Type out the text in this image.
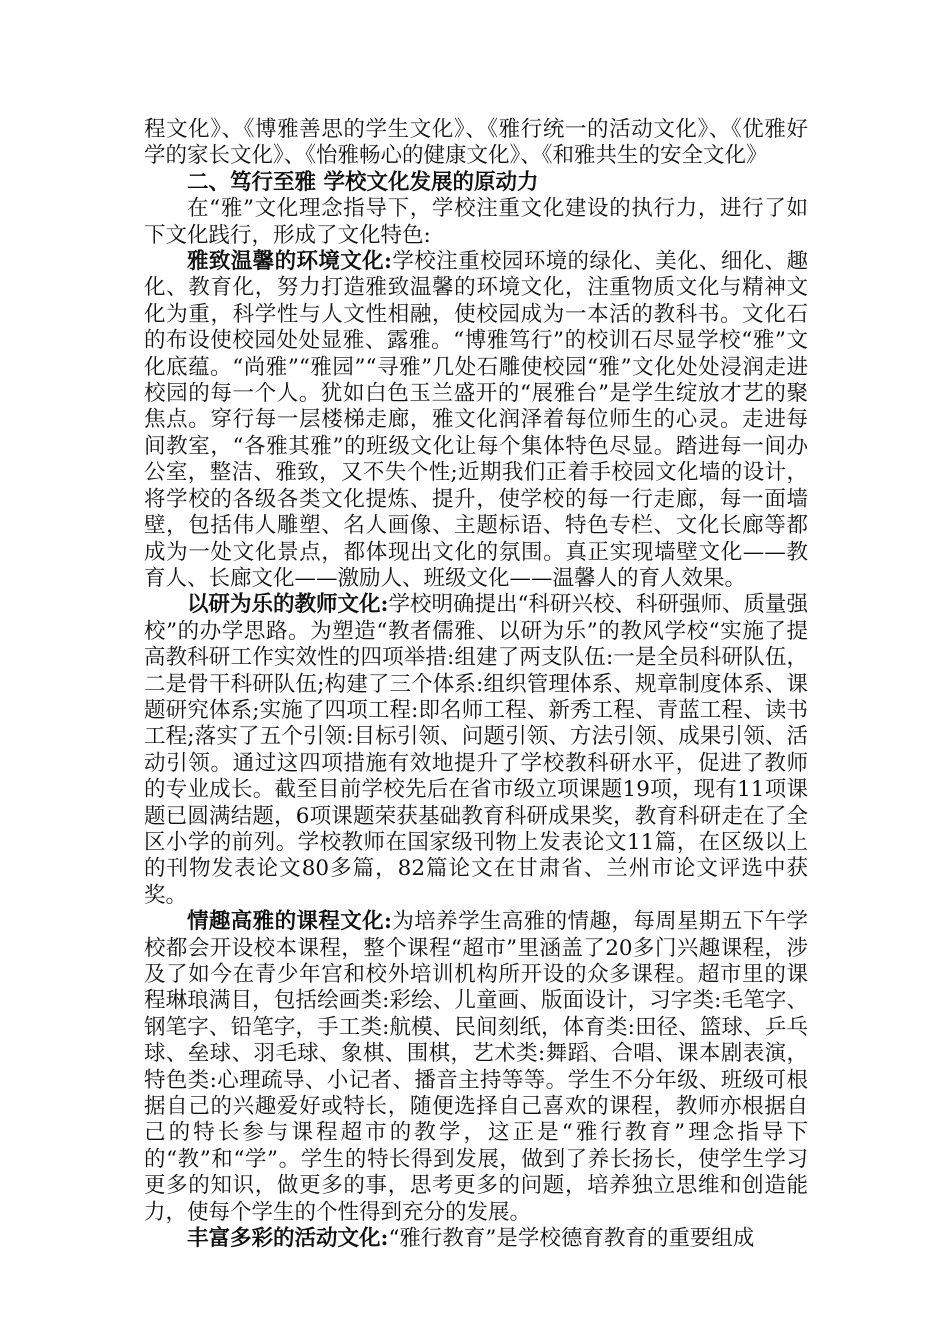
程文化》、《博雅善思的学生文化》、《雅行统一的活动文化》、《优雅好学的家长文化》、《怡雅畅心的健康文化》、《和雅共生的安全文化》

二、笃行至雅 学校文化发展的原动力

在“雅”文化理念指导下，学校注重文化建设的执行力，进行了如下文化践行，形成了文化特色:

雅致温馨的环境文化:学校注重校园环境的绿化、美化、细化、趣化、教育化，努力打造雅致温馨的环境文化，注重物质文化与精神文化为重，科学性与人文性相融，使校园成为一本活的教科书。文化石的布设使校园处处显雅、露雅。“博雅笃行”的校训石尽显学校“雅”文化底蕴。“尚雅”“雅园”“寻雅”几处石雕使校园“雅”文化处处浸润走进校园的每一个人。犹如白色玉兰盛开的“展雅台”是学生绽放才艺的聚焦点。穿行每一层楼梯走廊，雅文化润泽着每位师生的心灵。走进每间教室，“各雅其雅”的班级文化让每个集体特色尽显。踏进每一间办公室，整洁、雅致，又不失个性;近期我们正着手校园文化墙的设计，将学校的各级各类文化提炼、提升，使学校的每一行走廊，每一面墙壁，包括伟人雕塑、名人画像、主题标语、特色专栏、文化长廊等都成为一处文化景点，都体现出文化的氛围。真正实现墙壁文化——教育人、长廊文化——激励人、班级文化——温馨人的育人效果。

以研为乐的教师文化:学校明确提出“科研兴校、科研强师、质量强校”的办学思路。为塑造“教者儒雅、以研为乐”的教风学校“实施了提高教科研工作实效性的四项举措:组建了两支队伍:一是全员科研队伍，二是骨干科研队伍;构建了三个体系:组织管理体系、规章制度体系、课题研究体系;实施了四项工程:即名师工程、新秀工程、青蓝工程、读书工程;落实了五个引领:目标引领、问题引领、方法引领、成果引领、活动引领。通过这四项措施有效地提升了学校教科研水平，促进了教师的专业成长。截至目前学校先后在省市级立项课题19项，现有11项课题已圆满结题，6项课题荣获基础教育科研成果奖，教育科研走在了全区小学的前列。学校教师在国家级刊物上发表论文11篇，在区级以上的刊物发表论文80多篇，82篇论文在甘肃省、兰州市论文评选中获奖。

情趣高雅的课程文化:为培养学生高雅的情趣，每周星期五下午学校都会开设校本课程，整个课程“超市”里涵盖了20多门兴趣课程，涉及了如今在青少年宫和校外培训机构所开设的众多课程。超市里的课程琳琅满目，包括绘画类:彩绘、儿童画、版面设计，习字类:毛笔字、钢笔字、铅笔字，手工类:航模、民间刻纸，体育类:田径、篮球、乒乓球、垒球、羽毛球、象棋、围棋，艺术类:舞蹈、合唱、课本剧表演，特色类:心理疏导、小记者、播音主持等等。学生不分年级、班级可根据自己的兴趣爱好或特长，随便选择自己喜欢的课程，教师亦根据自己的特长参与课程超市的教学，这正是“雅行教育”理念指导下的“教”和“学”。学生的特长得到发展，做到了养长扬长，使学生学习更多的知识，做更多的事，思考更多的问题，培养独立思维和创造能力，使每个学生的个性得到充分的发展。

丰富多彩的活动文化:“雅行教育”是学校德育教育的重要组成
